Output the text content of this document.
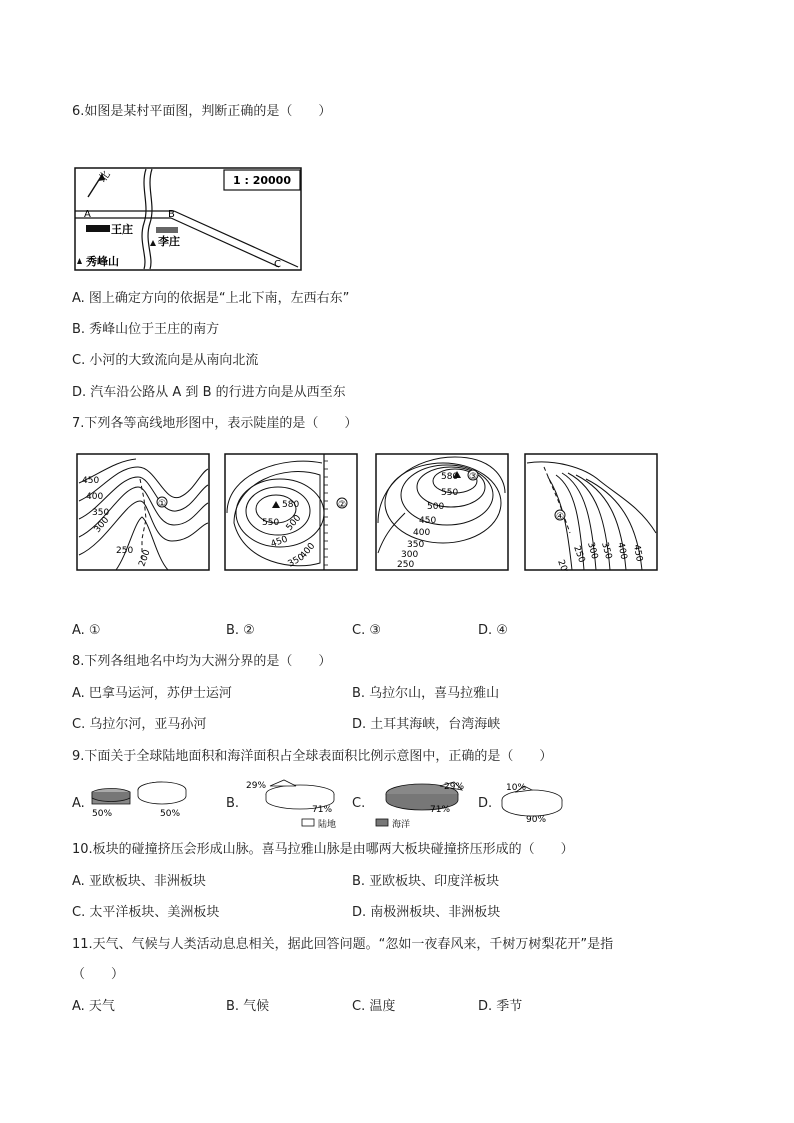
6.如图是某村平面图，判断正确的是（　　）
1 : 20000
北
A	B
C
王庄
李庄
秀峰山
A. 图上确定方向的依据是“上北下南，左西右东”
B. 秀峰山位于王庄的南方
C. 小河的大致流向是从南向北流
D. 汽车沿公路从 A 到 B 的行进方向是从西至东
7.下列各等高线地形图中，表示陡崖的是（　　）
450
400
350
300
250 200
①	580
550 500
450 400
350
②
580 ③
550
500
450
400
350
300
250
④
200
250
300 350 400 450
A. ①	B. ②	C. ③	D. ④
8.下列各组地名中均为大洲分界的是（　　）
A. 巴拿马运河，苏伊士运河	B. 乌拉尔山，喜马拉雅山
C. 乌拉尔河，亚马孙河	D. 土耳其海峡，台湾海峡
9.下面关于全球陆地面积和海洋面积占全球表面积比例示意图中，正确的是（　　）
A.
50%	50%
B.
29%
71% C.
29%
71% D.
10%
90%
陆地	海洋
10.板块的碰撞挤压会形成山脉。喜马拉雅山脉是由哪两大板块碰撞挤压形成的（　　）
A. 亚欧板块、非洲板块	B. 亚欧板块、印度洋板块
C. 太平洋板块、美洲板块	D. 南极洲板块、非洲板块
11.天气、气候与人类活动息息相关，据此回答问题。“忽如一夜春风来，千树万树梨花开”是指
（　　）
A. 天气	B. 气候	C. 温度	D. 季节
